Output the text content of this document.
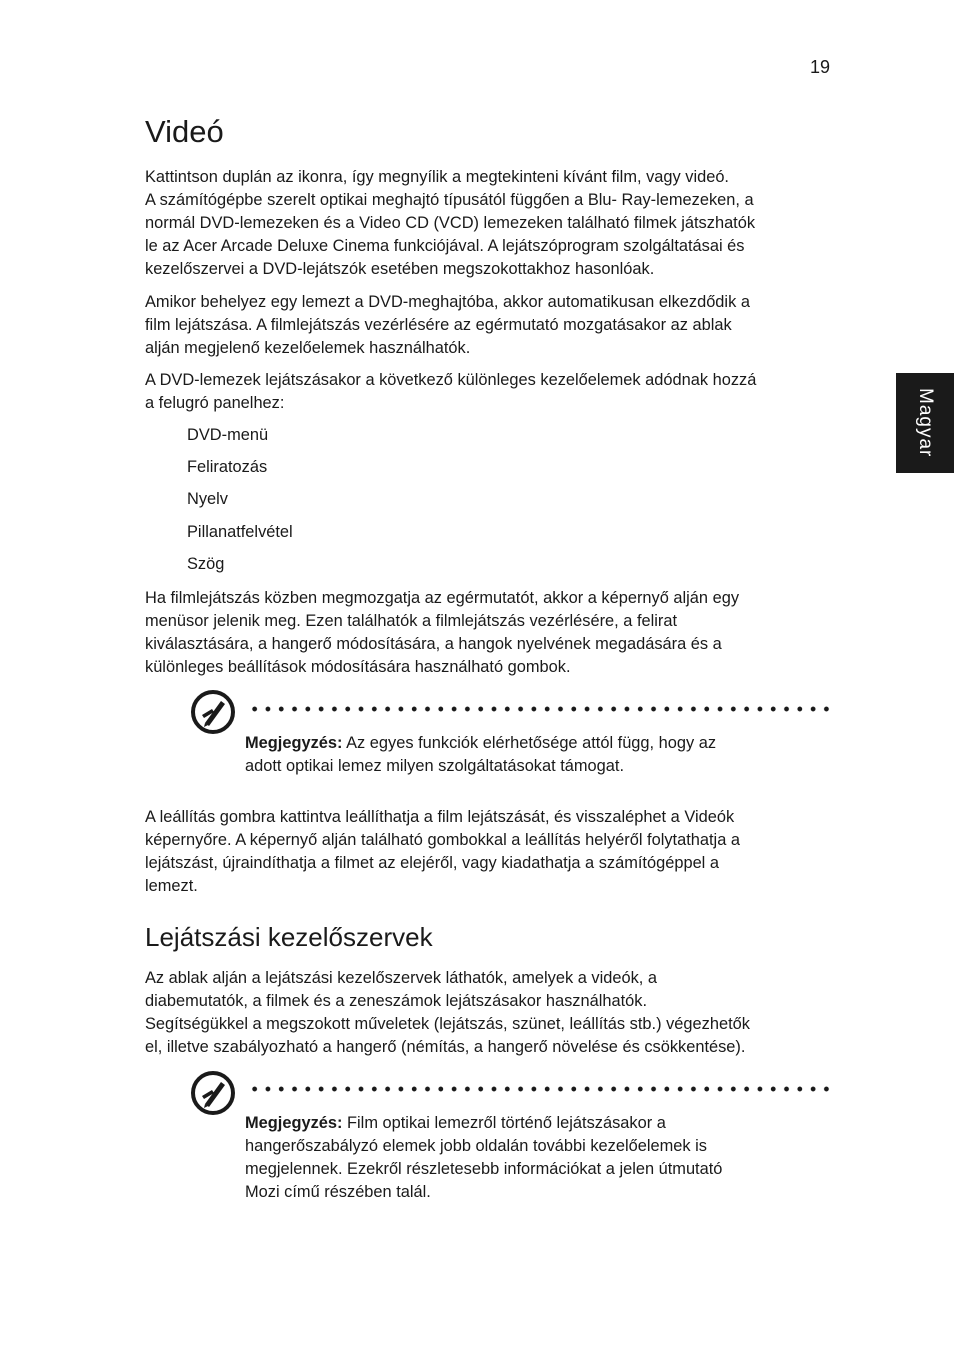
19
Magyar
Videó

Kattintson duplán az ikonra, így megnyílik a megtekinteni kívánt film, vagy videó.

A számítógépbe szerelt optikai meghajtó típusától függően a Blu- Ray-lemezeken, a

normál DVD-lemezeken és a Video CD (VCD) lemezeken található filmek játszhatók

le az Acer Arcade Deluxe Cinema funkciójával. A lejátszóprogram szolgáltatásai és

kezelőszervei a DVD-lejátszók esetében megszokottakhoz hasonlóak.

Amikor behelyez egy lemezt a DVD-meghajtóba, akkor automatikusan elkezdődik a

film lejátszása. A filmlejátszás vezérlésére az egérmutató mozgatásakor az ablak

alján megjelenő kezelőelemek használhatók.

A DVD-lemezek lejátszásakor a következő különleges kezelőelemek adódnak hozzá

a felugró panelhez:

DVD-menü
Feliratozás
Nyelv
Pillanatfelvétel
Szög

Ha filmlejátszás közben megmozgatja az egérmutatót, akkor a képernyő alján egy

menüsor jelenik meg. Ezen találhatók a filmlejátszás vezérlésére, a felirat

kiválasztására, a hangerő módosítására, a hangok nyelvének megadására és a

különleges beállítások módosítására használható gombok.

Megjegyzés: Az egyes funkciók elérhetősége attól függ, hogy az

adott optikai lemez milyen szolgáltatásokat támogat.

A leállítás gombra kattintva leállíthatja a film lejátszását, és visszaléphet a Videók

képernyőre. A képernyő alján található gombokkal a leállítás helyéről folytathatja a

lejátszást, újraindíthatja a filmet az elejéről, vagy kiadathatja a számítógéppel a

lemezt.

Lejátszási kezelőszervek

Az ablak alján a lejátszási kezelőszervek láthatók, amelyek a videók, a

diabemutatók, a filmek és a zeneszámok lejátszásakor használhatók.

Segítségükkel a megszokott műveletek (lejátszás, szünet, leállítás stb.) végezhetők

el, illetve szabályozható a hangerő (némítás, a hangerő növelése és csökkentése).

Megjegyzés: Film optikai lemezről történő lejátszásakor a

hangerőszabályzó elemek jobb oldalán további kezelőelemek is

megjelennek. Ezekről részletesebb információkat a jelen útmutató

Mozi című részében talál.
